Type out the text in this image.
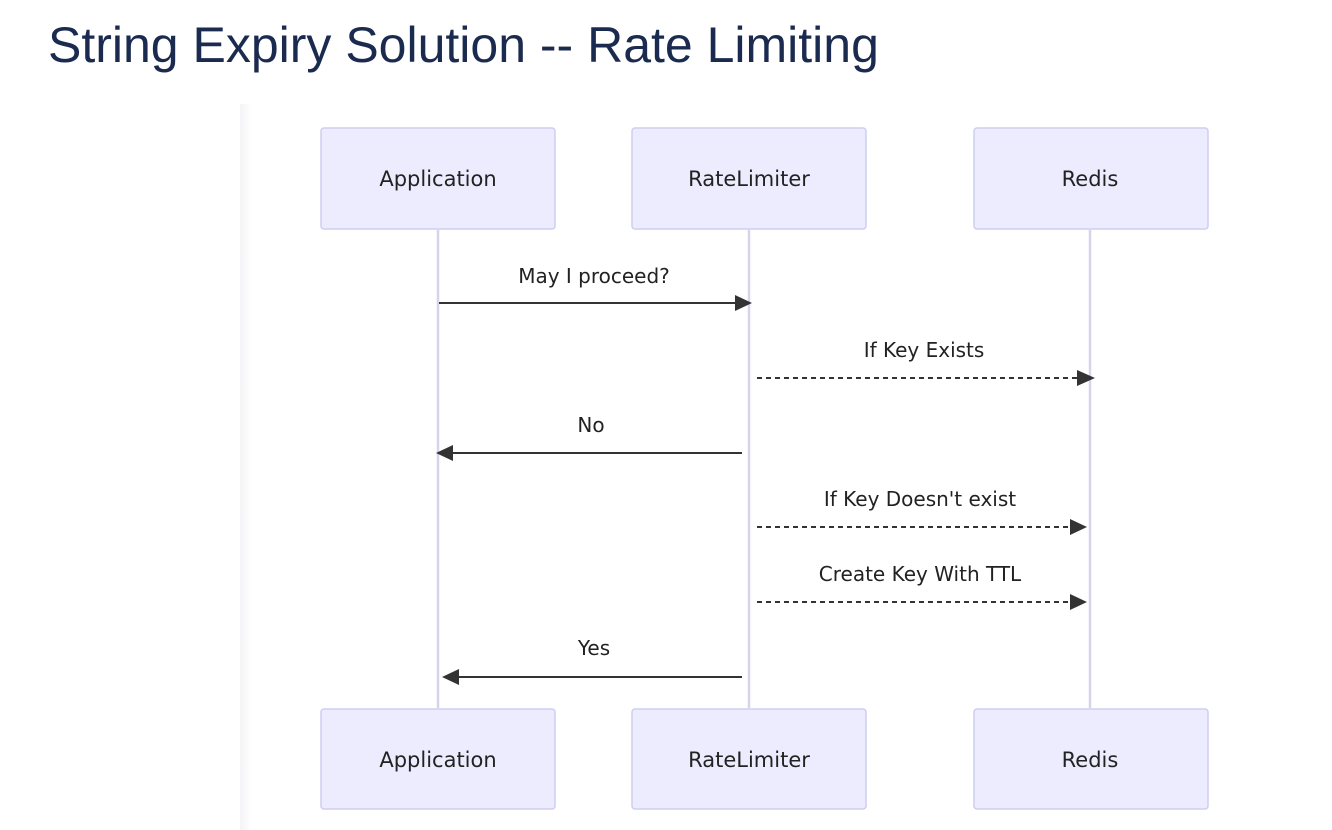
String Expiry Solution -- Rate Limiting
Application	RateLimiter	Redis
May I proceed?
If Key Exists
No
If Key Doesn't exist
Create Key With TTL
Yes
Application	RateLimiter	Redis
